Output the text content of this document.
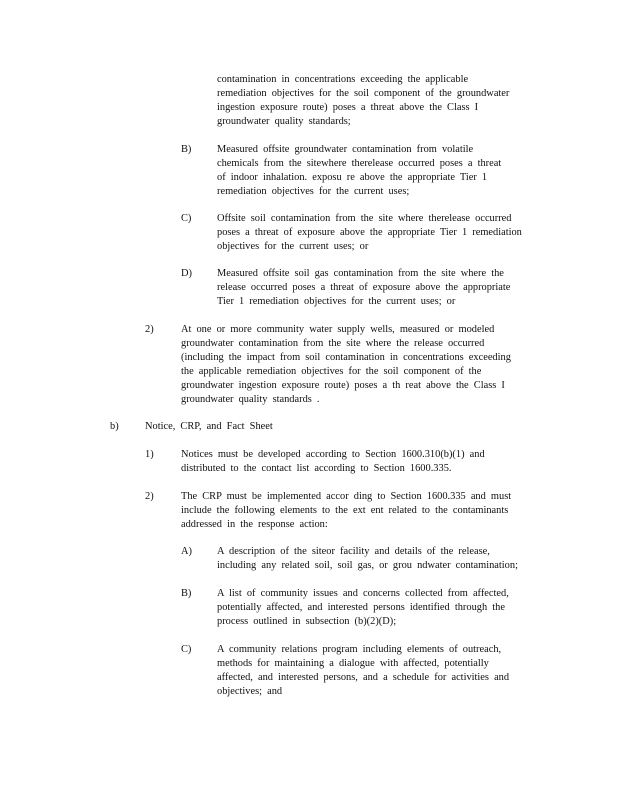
contamination in concentrations exceeding the applicable
remediation objectives for the soil component of the groundwater
ingestion exposure route) poses a threat above the Class I
groundwater quality standards;
B) Measured offsite groundwater contamination from volatile
chemicals from the sitewhere therelease occurred poses a threat
of indoor inhalation. exposu re above the appropriate Tier 1
remediation objectives for the current uses;
C) Offsite soil contamination from the site where therelease occurred
poses a threat of exposure above the appropriate Tier 1 remediation
objectives for the current uses; or
D) Measured offsite soil gas contamination from the site where the
release occurred poses a threat of exposure above the appropriate
Tier 1 remediation objectives for the current uses; or
2)	At one or more community water supply wells, measured or modeled
groundwater contamination from the site where the release occurred
(including the impact from soil contamination in concentrations exceeding
the applicable remediation objectives for the soil component of the
groundwater ingestion exposure route) poses a th reat above the Class I
groundwater quality standards .
b)	Notice, CRP, and Fact Sheet
1)	Notices must be developed according to Section 1600.310(b)(1) and
distributed to the contact list according to Section 1600.335.
2)	The CRP must be implemented accor ding to Section 1600.335 and must
include the following elements to the ext ent related to the contaminants
addressed in the response action:
A) A description of the siteor facility and details of the release,
including any related soil, soil gas, or grou ndwater contamination;
B) A list of community issues and concerns collected from affected,
potentially affected, and interested persons identified through the
process outlined in subsection (b)(2)(D);
C) A community relations program including elements of outreach,
methods for maintaining a dialogue with affected, potentially
affected, and interested persons, and a schedule for activities and
objectives; and
